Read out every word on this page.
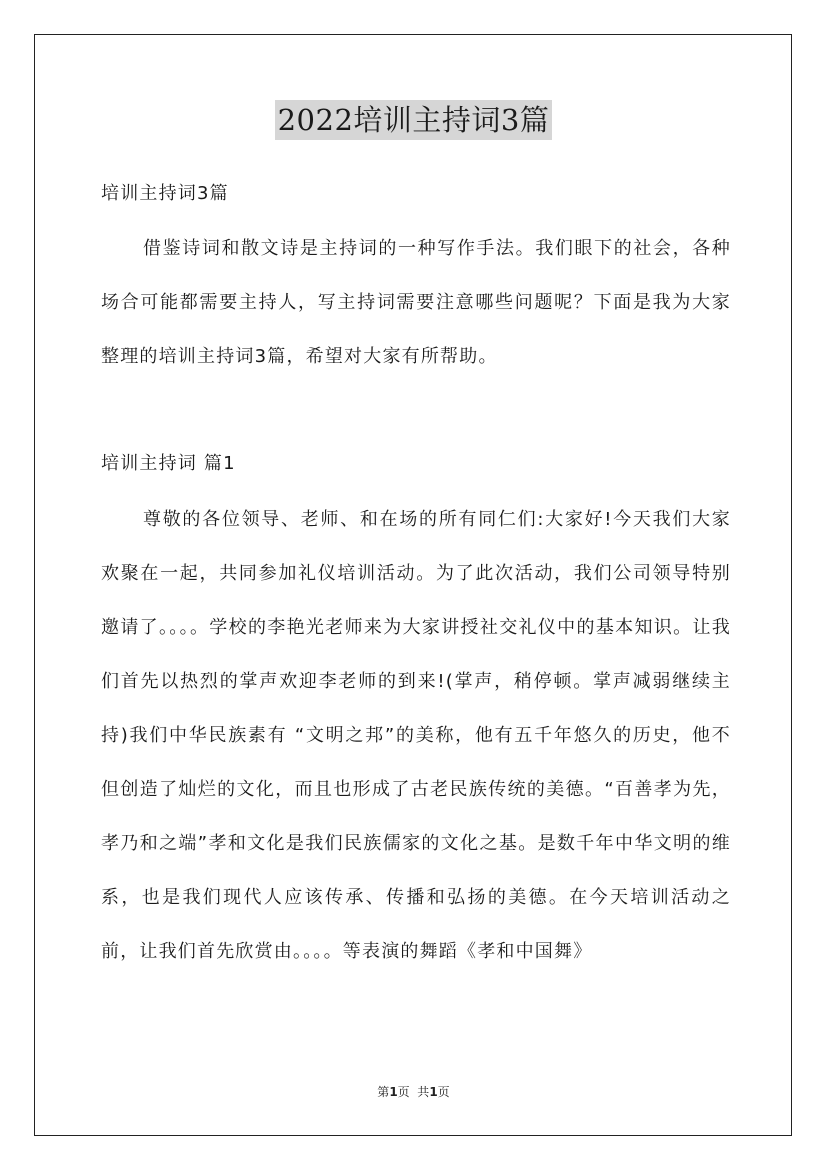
2022培训主持词3篇
培训主持词3篇

借鉴诗词和散文诗是主持词的一种写作手法。我们眼下的社会，各种场合可能都需要主持人，写主持词需要注意哪些问题呢？下面是我为大家整理的培训主持词3篇，希望对大家有所帮助。

培训主持词 篇1

尊敬的各位领导、老师、和在场的所有同仁们:大家好!今天我们大家欢聚在一起，共同参加礼仪培训活动。为了此次活动，我们公司领导特别邀请了。。。。学校的李艳光老师来为大家讲授社交礼仪中的基本知识。让我们首先以热烈的掌声欢迎李老师的到来!(掌声，稍停顿。掌声减弱继续主持)我们中华民族素有 “文明之邦”的美称，他有五千年悠久的历史，他不但创造了灿烂的文化，而且也形成了古老民族传统的美德。“百善孝为先，孝乃和之端”孝和文化是我们民族儒家的文化之基。是数千年中华文明的维系，也是我们现代人应该传承、传播和弘扬的美德。在今天培训活动之前，让我们首先欣赏由。。。。等表演的舞蹈《孝和中国舞》

第1页  共1页
